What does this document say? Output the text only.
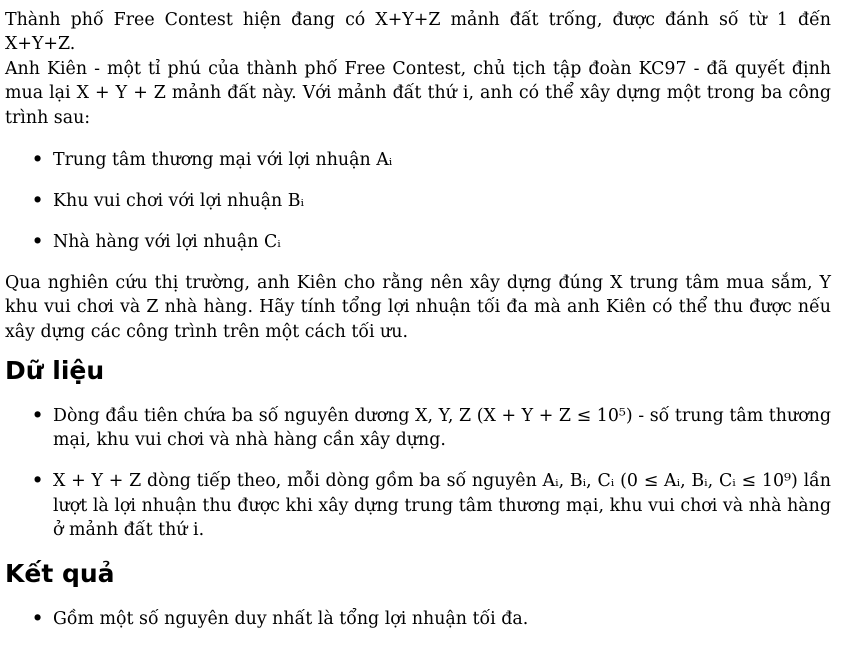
Thành phố Free Contest hiện đang có X+Y+Z mảnh đất trống, được đánh số từ 1 đến X+Y+Z.

Anh Kiên - một tỉ phú của thành phố Free Contest, chủ tịch tập đoàn KC97 - đã quyết định mua lại X + Y + Z mảnh đất này. Với mảnh đất thứ i, anh có thể xây dựng một trong ba công trình sau:

• Trung tâm thương mại với lợi nhuận Aᵢ
• Khu vui chơi với lợi nhuận Bᵢ
• Nhà hàng với lợi nhuận Cᵢ

Qua nghiên cứu thị trường, anh Kiên cho rằng nên xây dựng đúng X trung tâm mua sắm, Y khu vui chơi và Z nhà hàng. Hãy tính tổng lợi nhuận tối đa mà anh Kiên có thể thu được nếu xây dựng các công trình trên một cách tối ưu.

Dữ liệu
• Dòng đầu tiên chứa ba số nguyên dương X, Y, Z (X + Y + Z ≤ 10⁵) - số trung tâm thương mại, khu vui chơi và nhà hàng cần xây dựng.
• X + Y + Z dòng tiếp theo, mỗi dòng gồm ba số nguyên Aᵢ, Bᵢ, Cᵢ (0 ≤ Aᵢ, Bᵢ, Cᵢ ≤ 10⁹) lần lượt là lợi nhuận thu được khi xây dựng trung tâm thương mại, khu vui chơi và nhà hàng ở mảnh đất thứ i.
Kết quả
• Gồm một số nguyên duy nhất là tổng lợi nhuận tối đa.
